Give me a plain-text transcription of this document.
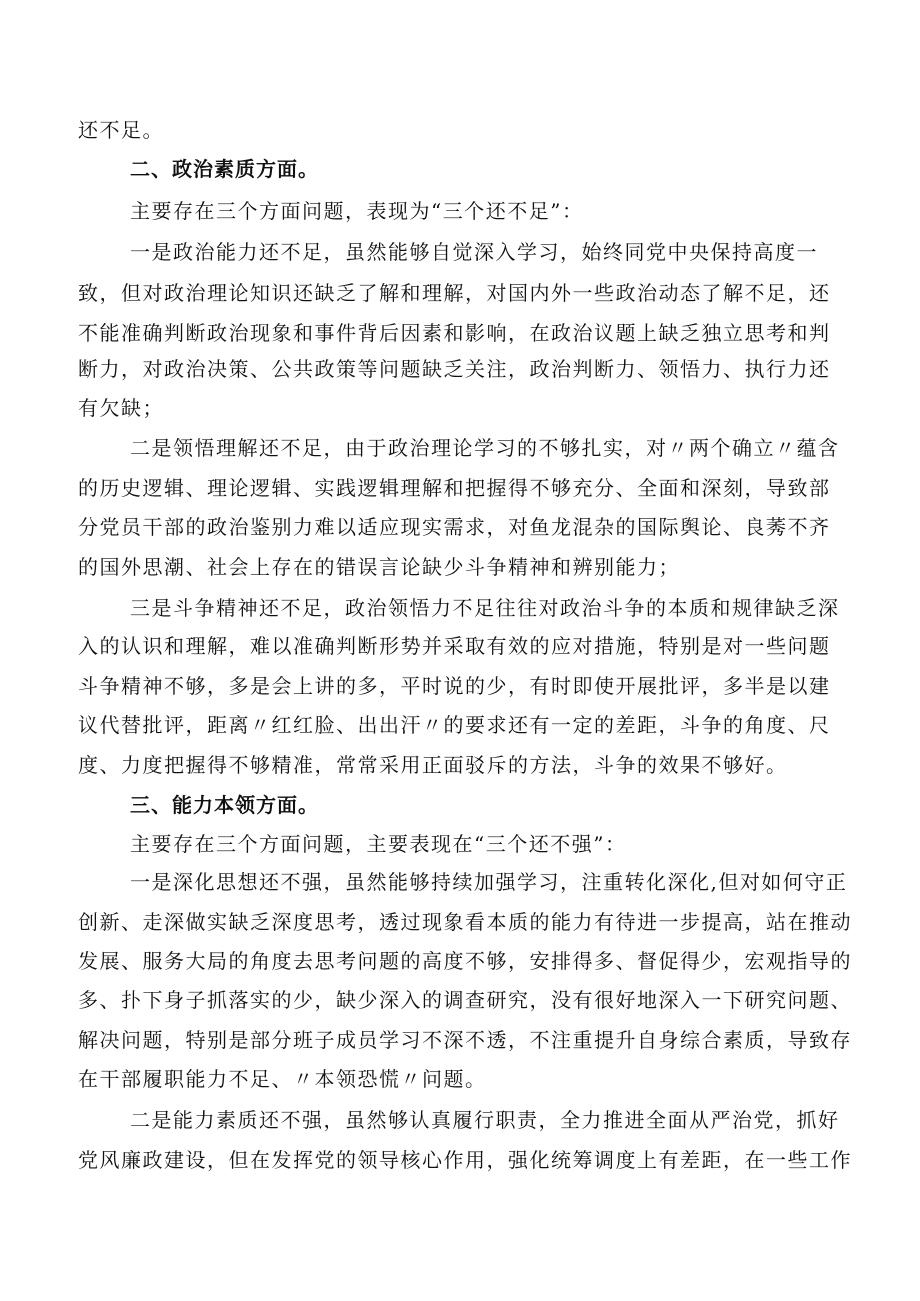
还不足。
二、政治素质方面。
主要存在三个方面问题，表现为“三个还不足”：
一是政治能力还不足，虽然能够自觉深入学习，始终同党中央保持高度一
致，但对政治理论知识还缺乏了解和理解，对国内外一些政治动态了解不足，还
不能准确判断政治现象和事件背后因素和影响，在政治议题上缺乏独立思考和判
断力，对政治决策、公共政策等问题缺乏关注，政治判断力、领悟力、执行力还
有欠缺；
二是领悟理解还不足，由于政治理论学习的不够扎实，对〃两个确立〃蕴含
的历史逻辑、理论逻辑、实践逻辑理解和把握得不够充分、全面和深刻，导致部
分党员干部的政治鉴别力难以适应现实需求，对鱼龙混杂的国际舆论、良莠不齐
的国外思潮、社会上存在的错误言论缺少斗争精神和辨别能力；
三是斗争精神还不足，政治领悟力不足往往对政治斗争的本质和规律缺乏深
入的认识和理解，难以准确判断形势并采取有效的应对措施，特别是对一些问题
斗争精神不够，多是会上讲的多，平时说的少，有时即使开展批评，多半是以建
议代替批评，距离〃红红脸、出出汗〃的要求还有一定的差距，斗争的角度、尺
度、力度把握得不够精准，常常采用正面驳斥的方法，斗争的效果不够好。
三、能力本领方面。
主要存在三个方面问题，主要表现在“三个还不强”：
一是深化思想还不强，虽然能够持续加强学习，注重转化深化,但对如何守正
创新、走深做实缺乏深度思考，透过现象看本质的能力有待进一步提高，站在推动
发展、服务大局的角度去思考问题的高度不够，安排得多、督促得少，宏观指导的
多、扑下身子抓落实的少，缺少深入的调查研究，没有很好地深入一下研究问题、
解决问题，特别是部分班子成员学习不深不透，不注重提升自身综合素质，导致存
在干部履职能力不足、〃本领恐慌〃问题。
二是能力素质还不强，虽然够认真履行职责，全力推进全面从严治党，抓好
党风廉政建设，但在发挥党的领导核心作用，强化统筹调度上有差距，在一些工作
